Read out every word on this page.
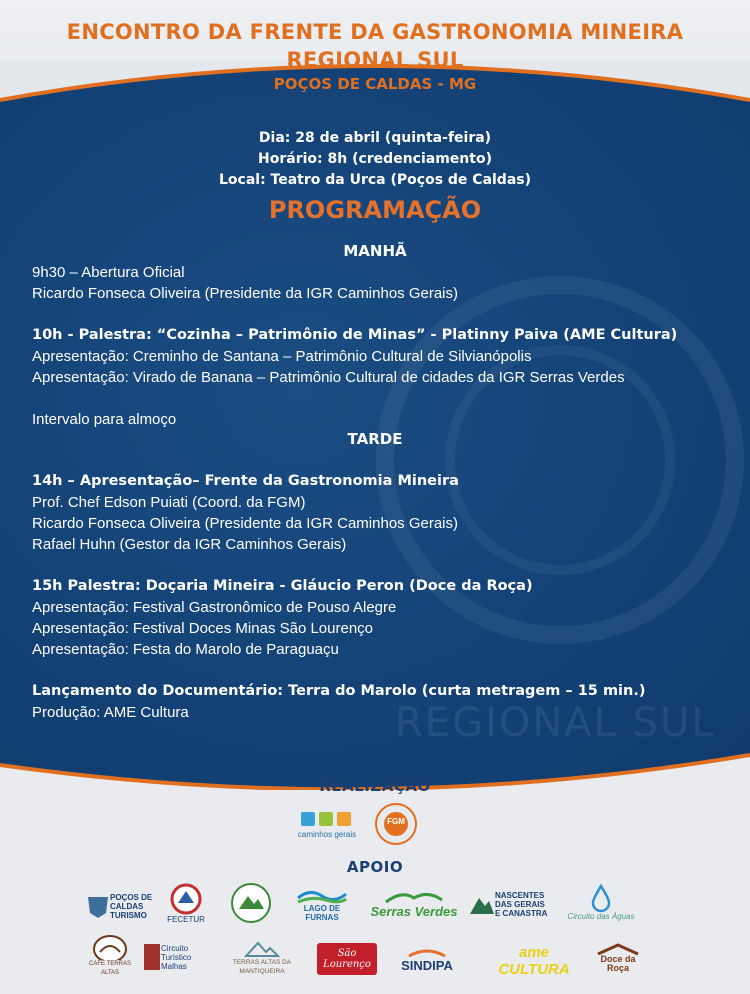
REGIONAL SUL
ENCONTRO DA FRENTE DA GASTRONOMIA MINEIRA
REGIONAL SUL
POÇOS DE CALDAS - MG
Dia: 28 de abril (quinta-feira)
Horário: 8h (credenciamento)
Local: Teatro da Urca (Poços de Caldas)
PROGRAMAÇÃO
MANHÃ
9h30 – Abertura Oficial
Ricardo Fonseca Oliveira (Presidente da IGR Caminhos Gerais)
10h - Palestra: “Cozinha – Patrimônio de Minas” - Platinny Paiva (AME Cultura)
Apresentação: Creminho de Santana – Patrimônio Cultural de Silvianópolis
Apresentação: Virado de Banana – Patrimônio Cultural de cidades da IGR Serras Verdes
Intervalo para almoço
TARDE
14h – Apresentação– Frente da Gastronomia Mineira
Prof. Chef Edson Puiati (Coord. da FGM)
Ricardo Fonseca Oliveira (Presidente da IGR Caminhos Gerais)
Rafael Huhn (Gestor da IGR Caminhos Gerais)
15h Palestra: Doçaria Mineira - Gláucio Peron (Doce da Roça)
Apresentação: Festival Gastronômico de Pouso Alegre
Apresentação: Festival Doces Minas São Lourenço
Apresentação: Festa do Marolo de Paraguaçu
Lançamento do Documentário: Terra do Marolo (curta metragem – 15 min.)
Produção: AME Cultura
REALIZAÇÃO
caminhos gerais
FGM
APOIO
POÇOS DE CALDAS TURISMO	FECETUR
LAGO DE FURNAS	Serras Verdes
NASCENTES DAS GERAIS E CANASTRA	Circuito das Águas
CAFÉ TERRAS ALTAS
Circuito Turístico Malhas	TERRAS ALTAS DA MANTIQUEIRA
São Lourenço	SINDIPA
ame CULTURA
Doce da Roça
